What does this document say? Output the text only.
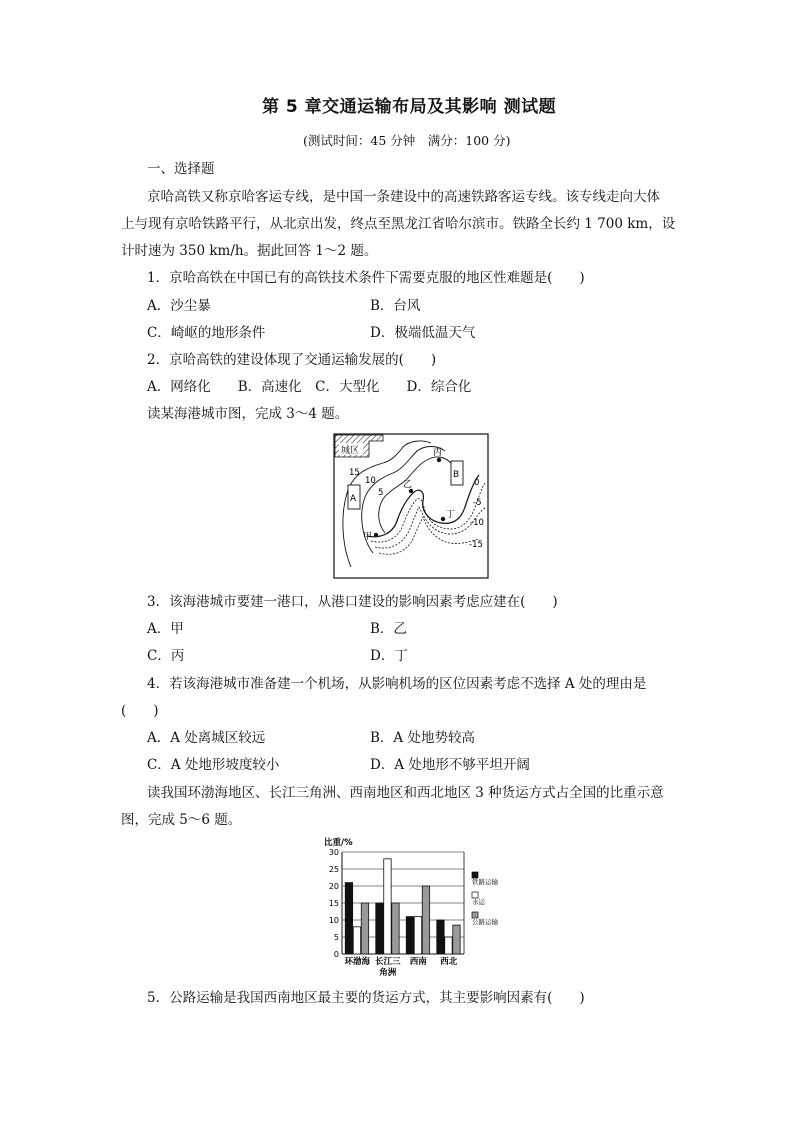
第 5 章交通运输布局及其影响 测试题
(测试时间：45 分钟　满分：100 分)
一、选择题
京哈高铁又称京哈客运专线，是中国一条建设中的高速铁路客运专线。该专线走向大体
上与现有京哈铁路平行，从北京出发，终点至黑龙江省哈尔滨市。铁路全长约 1 700 km，设
计时速为 350 km/h。据此回答 1～2 题。
1．京哈高铁在中国已有的高铁技术条件下需要克服的地区性难题是(　　)
A．沙尘暴	B．台风
C．崎岖的地形条件	D．极端低温天气
2．京哈高铁的建设体现了交通运输发展的(　　)
A．网络化　　B．高速化　C．大型化　　D．综合化
读某海港城市图，完成 3～4 题。
城区
A
B
甲
乙
丙
丁
15
10
5
0
-5
-10
-15
3．该海港城市要建一港口，从港口建设的影响因素考虑应建在(　　)
A．甲	B．乙
C．丙	D．丁
4．若该海港城市准备建一个机场，从影响机场的区位因素考虑不选择 A 处的理由是
(　　)
A．A 处离城区较远	B．A 处地势较高
C．A 处地形坡度较小	D．A 处地形不够平坦开阔
读我国环渤海地区、长江三角洲、西南地区和西北地区 3 种货运方式占全国的比重示意
图，完成 5～6 题。
比重/%
0
5
10
15
20
25
30
环渤海 长江三 西南 西北
角洲
铁路运输
水运
公路运输
5．公路运输是我国西南地区最主要的货运方式，其主要影响因素有(　　)
